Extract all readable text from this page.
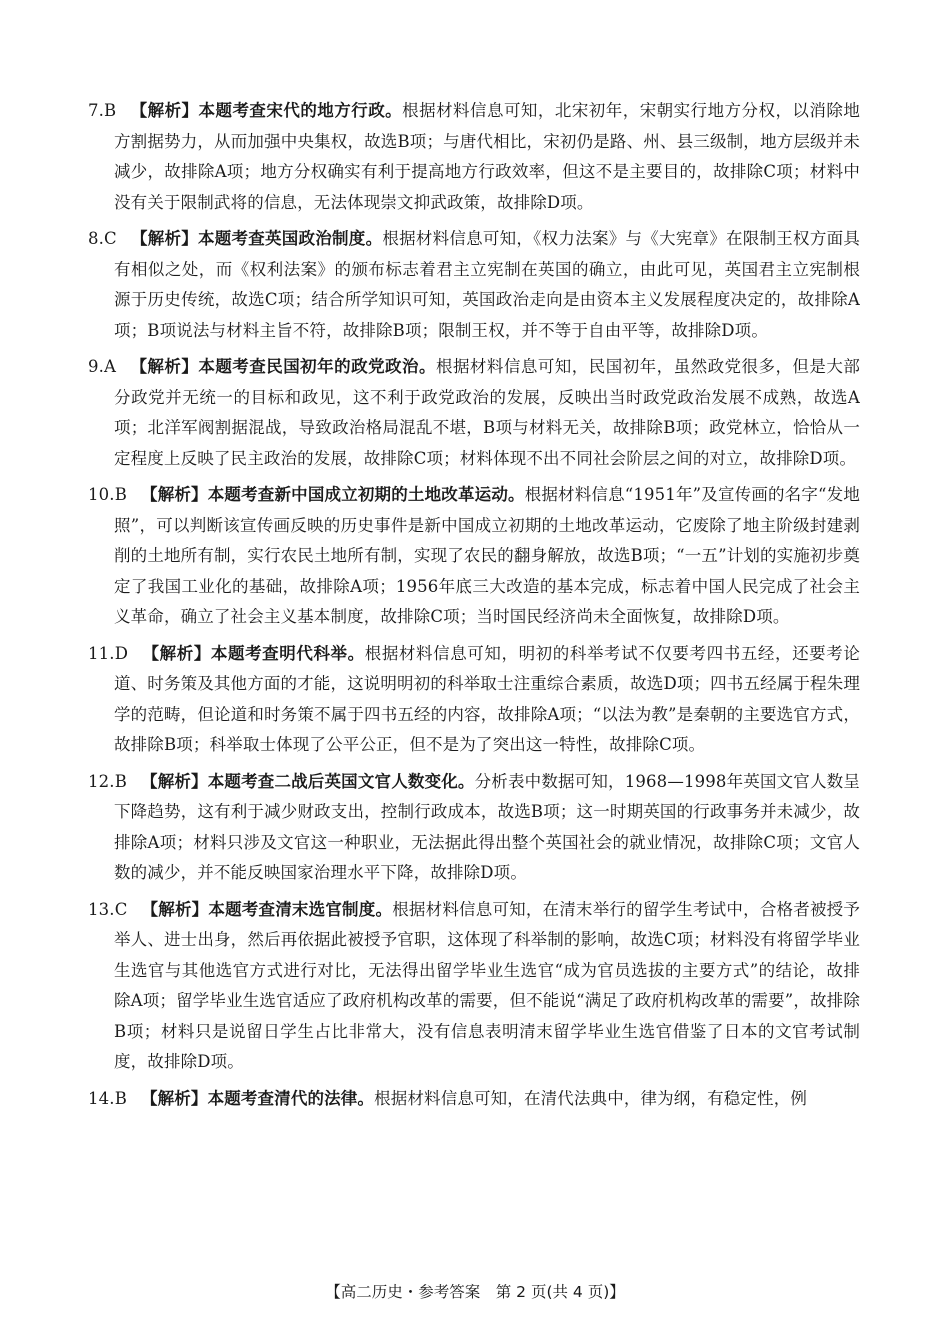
7.B 【解析】本题考查宋代的地方行政。根据材料信息可知，北宋初年，宋朝实行地方分权，以消除地方割据势力，从而加强中央集权，故选B项；与唐代相比，宋初仍是路、州、县三级制，地方层级并未减少，故排除A项；地方分权确实有利于提高地方行政效率，但这不是主要目的，故排除C项；材料中没有关于限制武将的信息，无法体现崇文抑武政策，故排除D项。
8.C 【解析】本题考查英国政治制度。根据材料信息可知，《权力法案》与《大宪章》在限制王权方面具有相似之处，而《权利法案》的颁布标志着君主立宪制在英国的确立，由此可见，英国君主立宪制根源于历史传统，故选C项；结合所学知识可知，英国政治走向是由资本主义发展程度决定的，故排除A项；B项说法与材料主旨不符，故排除B项；限制王权，并不等于自由平等，故排除D项。
9.A 【解析】本题考查民国初年的政党政治。根据材料信息可知，民国初年，虽然政党很多，但是大部分政党并无统一的目标和政见，这不利于政党政治的发展，反映出当时政党政治发展不成熟，故选A项；北洋军阀割据混战，导致政治格局混乱不堪，B项与材料无关，故排除B项；政党林立，恰恰从一定程度上反映了民主政治的发展，故排除C项；材料体现不出不同社会阶层之间的对立，故排除D项。
10.B 【解析】本题考查新中国成立初期的土地改革运动。根据材料信息“1951年”及宣传画的名字“发地照”，可以判断该宣传画反映的历史事件是新中国成立初期的土地改革运动，它废除了地主阶级封建剥削的土地所有制，实行农民土地所有制，实现了农民的翻身解放，故选B项；“一五”计划的实施初步奠定了我国工业化的基础，故排除A项；1956年底三大改造的基本完成，标志着中国人民完成了社会主义革命，确立了社会主义基本制度，故排除C项；当时国民经济尚未全面恢复，故排除D项。
11.D 【解析】本题考查明代科举。根据材料信息可知，明初的科举考试不仅要考四书五经，还要考论道、时务策及其他方面的才能，这说明明初的科举取士注重综合素质，故选D项；四书五经属于程朱理学的范畴，但论道和时务策不属于四书五经的内容，故排除A项；“以法为教”是秦朝的主要选官方式，故排除B项；科举取士体现了公平公正，但不是为了突出这一特性，故排除C项。
12.B 【解析】本题考查二战后英国文官人数变化。分析表中数据可知，1968—1998年英国文官人数呈下降趋势，这有利于减少财政支出，控制行政成本，故选B项；这一时期英国的行政事务并未减少，故排除A项；材料只涉及文官这一种职业，无法据此得出整个英国社会的就业情况，故排除C项；文官人数的减少，并不能反映国家治理水平下降，故排除D项。
13.C 【解析】本题考查清末选官制度。根据材料信息可知，在清末举行的留学生考试中，合格者被授予举人、进士出身，然后再依据此被授予官职，这体现了科举制的影响，故选C项；材料没有将留学毕业生选官与其他选官方式进行对比，无法得出留学毕业生选官“成为官员选拔的主要方式”的结论，故排除A项；留学毕业生选官适应了政府机构改革的需要，但不能说“满足了政府机构改革的需要”，故排除B项；材料只是说留日学生占比非常大，没有信息表明清末留学毕业生选官借鉴了日本的文官考试制度，故排除D项。
14.B 【解析】本题考查清代的法律。根据材料信息可知，在清代法典中，律为纲，有稳定性，例
【高二历史・参考答案　第 2 页(共 4 页)】
